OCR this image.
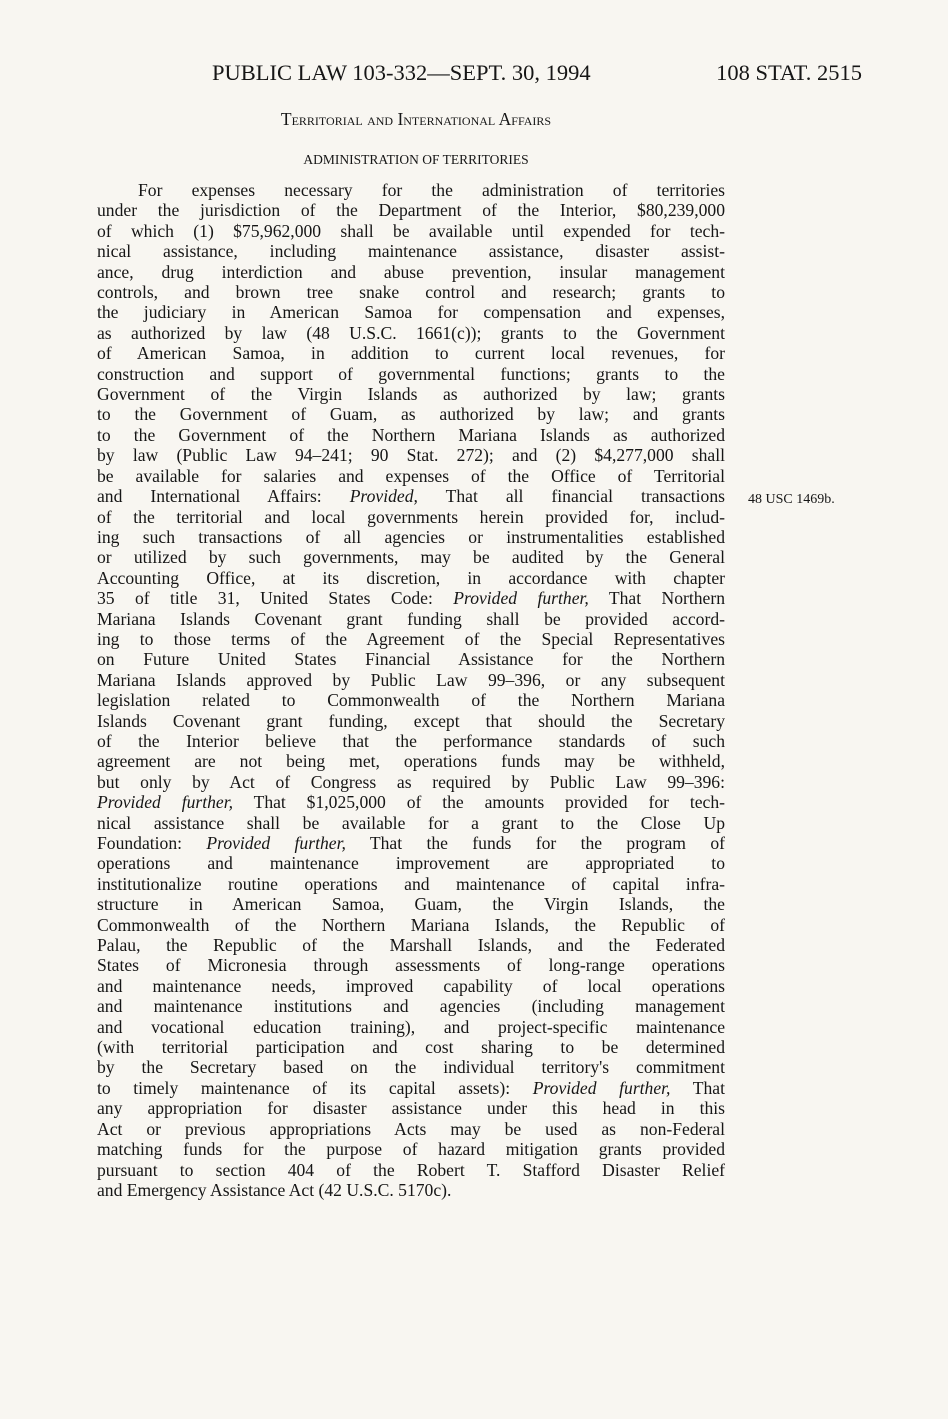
PUBLIC LAW 103-332—SEPT. 30, 1994	108 STAT. 2515
Territorial and International Affairs
ADMINISTRATION OF TERRITORIES
For expenses necessary for the administration of territories
under the jurisdiction of the Department of the Interior, $80,239,000
of which (1) $75,962,000 shall be available until expended for tech-
nical assistance, including maintenance assistance, disaster assist-
ance, drug interdiction and abuse prevention, insular management
controls, and brown tree snake control and research; grants to
the judiciary in American Samoa for compensation and expenses,
as authorized by law (48 U.S.C. 1661(c)); grants to the Government
of American Samoa, in addition to current local revenues, for
construction and support of governmental functions; grants to the
Government of the Virgin Islands as authorized by law; grants
to the Government of Guam, as authorized by law; and grants
to the Government of the Northern Mariana Islands as authorized
by law (Public Law 94–241; 90 Stat. 272); and (2) $4,277,000 shall
be available for salaries and expenses of the Office of Territorial
and International Affairs: Provided, That all financial transactions
of the territorial and local governments herein provided for, includ-
ing such transactions of all agencies or instrumentalities established
or utilized by such governments, may be audited by the General
Accounting Office, at its discretion, in accordance with chapter
35 of title 31, United States Code: Provided further, That Northern
Mariana Islands Covenant grant funding shall be provided accord-
ing to those terms of the Agreement of the Special Representatives
on Future United States Financial Assistance for the Northern
Mariana Islands approved by Public Law 99–396, or any subsequent
legislation related to Commonwealth of the Northern Mariana
Islands Covenant grant funding, except that should the Secretary
of the Interior believe that the performance standards of such
agreement are not being met, operations funds may be withheld,
but only by Act of Congress as required by Public Law 99–396:
Provided further, That $1,025,000 of the amounts provided for tech-
nical assistance shall be available for a grant to the Close Up
Foundation: Provided further, That the funds for the program of
operations and maintenance improvement are appropriated to
institutionalize routine operations and maintenance of capital infra-
structure in American Samoa, Guam, the Virgin Islands, the
Commonwealth of the Northern Mariana Islands, the Republic of
Palau, the Republic of the Marshall Islands, and the Federated
States of Micronesia through assessments of long-range operations
and maintenance needs, improved capability of local operations
and maintenance institutions and agencies (including management
and vocational education training), and project-specific maintenance
(with territorial participation and cost sharing to be determined
by the Secretary based on the individual territory's commitment
to timely maintenance of its capital assets): Provided further, That
any appropriation for disaster assistance under this head in this
Act or previous appropriations Acts may be used as non-Federal
matching funds for the purpose of hazard mitigation grants provided
pursuant to section 404 of the Robert T. Stafford Disaster Relief
and Emergency Assistance Act (42 U.S.C. 5170c).
48 USC 1469b.
